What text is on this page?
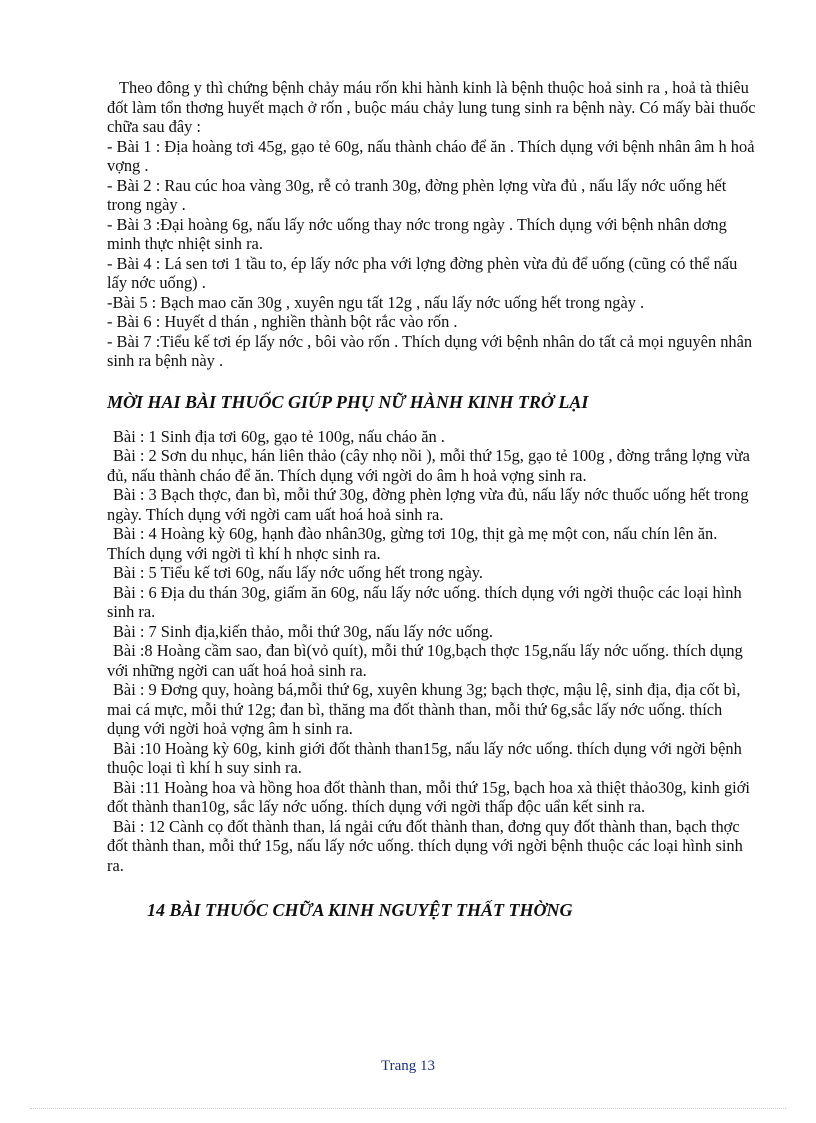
Theo đông y thì chứng bệnh chảy máu rốn khi hành kinh là bệnh thuộc hoả sinh ra , hoả tà thiêu đốt làm tổn thơng huyết mạch ở rốn , buộc máu chảy lung tung sinh ra bệnh này. Có mấy bài thuốc chữa sau đây :

- Bài 1 : Địa hoàng tơi 45g, gạo tẻ 60g, nấu thành cháo để ăn . Thích dụng với bệnh nhân âm h hoả vợng .

- Bài 2 : Rau cúc hoa vàng 30g, rễ cỏ tranh 30g, đờng phèn lợng vừa đủ , nấu lấy nớc uống hết trong ngày .

- Bài 3 :Đại hoàng 6g, nấu lấy nớc uống thay nớc trong ngày . Thích dụng với bệnh nhân dơng minh thực nhiệt sinh ra.

- Bài 4 : Lá sen tơi 1 tầu to, ép lấy nớc pha với lợng đờng phèn vừa đủ để uống (cũng có thể nấu lấy nớc uống) .

-Bài 5 : Bạch mao căn 30g , xuyên ngu tất 12g , nấu lấy nớc uống hết trong ngày .

- Bài 6 : Huyết d thán , nghiền thành bột rắc vào rốn .

- Bài 7 :Tiểu kế tơi ép lấy nớc , bôi vào rốn . Thích dụng với bệnh nhân do tất cả mọi nguyên nhân sinh ra bệnh này .

MỜI HAI BÀI THUỐC GIÚP PHỤ NỮ HÀNH KINH TRỞ LẠI

Bài : 1 Sinh địa tơi 60g, gạo tẻ 100g, nấu cháo ăn .

Bài : 2 Sơn du nhục, hán liên thảo (cây nhọ nồi ), mỗi thứ 15g, gạo tẻ 100g , đờng trắng lợng vừa đủ, nấu thành cháo để ăn. Thích dụng với ngời do âm h hoả vợng sinh ra.

Bài : 3 Bạch thợc, đan bì, mỗi thứ 30g, đờng phèn lợng vừa đủ, nấu lấy nớc thuốc uống hết trong ngày. Thích dụng với ngời cam uất hoá hoả sinh ra.

Bài : 4 Hoàng kỳ 60g, hạnh đào nhân30g, gừng tơi 10g, thịt gà mẹ một con, nấu chín lên ăn. Thích dụng với ngời tì khí h nhợc sinh ra.

Bài : 5 Tiểu kế tơi 60g, nấu lấy nớc uống hết trong ngày.

Bài : 6 Địa du thán 30g, giấm ăn 60g, nấu lấy nớc uống. thích dụng với ngời thuộc các loại hình sinh ra.

Bài : 7 Sinh địa,kiến thảo, mỗi thứ 30g, nấu lấy nớc uống.

Bài :8 Hoàng cầm sao, đan bì(vỏ quít), mỗi thứ 10g,bạch thợc 15g,nấu lấy nớc uống. thích dụng với những ngời can uất hoá hoả sinh ra.

Bài : 9 Đơng quy, hoàng bá,mỗi thứ 6g, xuyên khung 3g; bạch thợc, mậu lệ, sinh địa, địa cốt bì, mai cá mực, mỗi thứ 12g; đan bì, thăng ma đốt thành than, mỗi thứ 6g,sắc lấy nớc uống. thích dụng với ngời hoả vợng âm h sinh ra.

Bài :10 Hoàng kỳ 60g, kinh giới đốt thành than15g, nấu lấy nớc uống. thích dụng với ngời bệnh thuộc loại tì khí h suy sinh ra.

Bài :11 Hoàng hoa và hồng hoa đốt thành than, mỗi thứ 15g, bạch hoa xà thiệt thảo30g, kinh giới đốt thành than10g, sắc lấy nớc uống. thích dụng với ngời thấp độc uẩn kết sinh ra.

Bài : 12 Cành cọ đốt thành than, lá ngải cứu đốt thành than, đơng quy đốt thành than, bạch thợc đốt thành than, mỗi thứ 15g, nấu lấy nớc uống. thích dụng với ngời bệnh thuộc các loại hình sinh ra.

14 BÀI THUỐC CHỮA KINH NGUYỆT THẤT THỜNG
Trang 13
